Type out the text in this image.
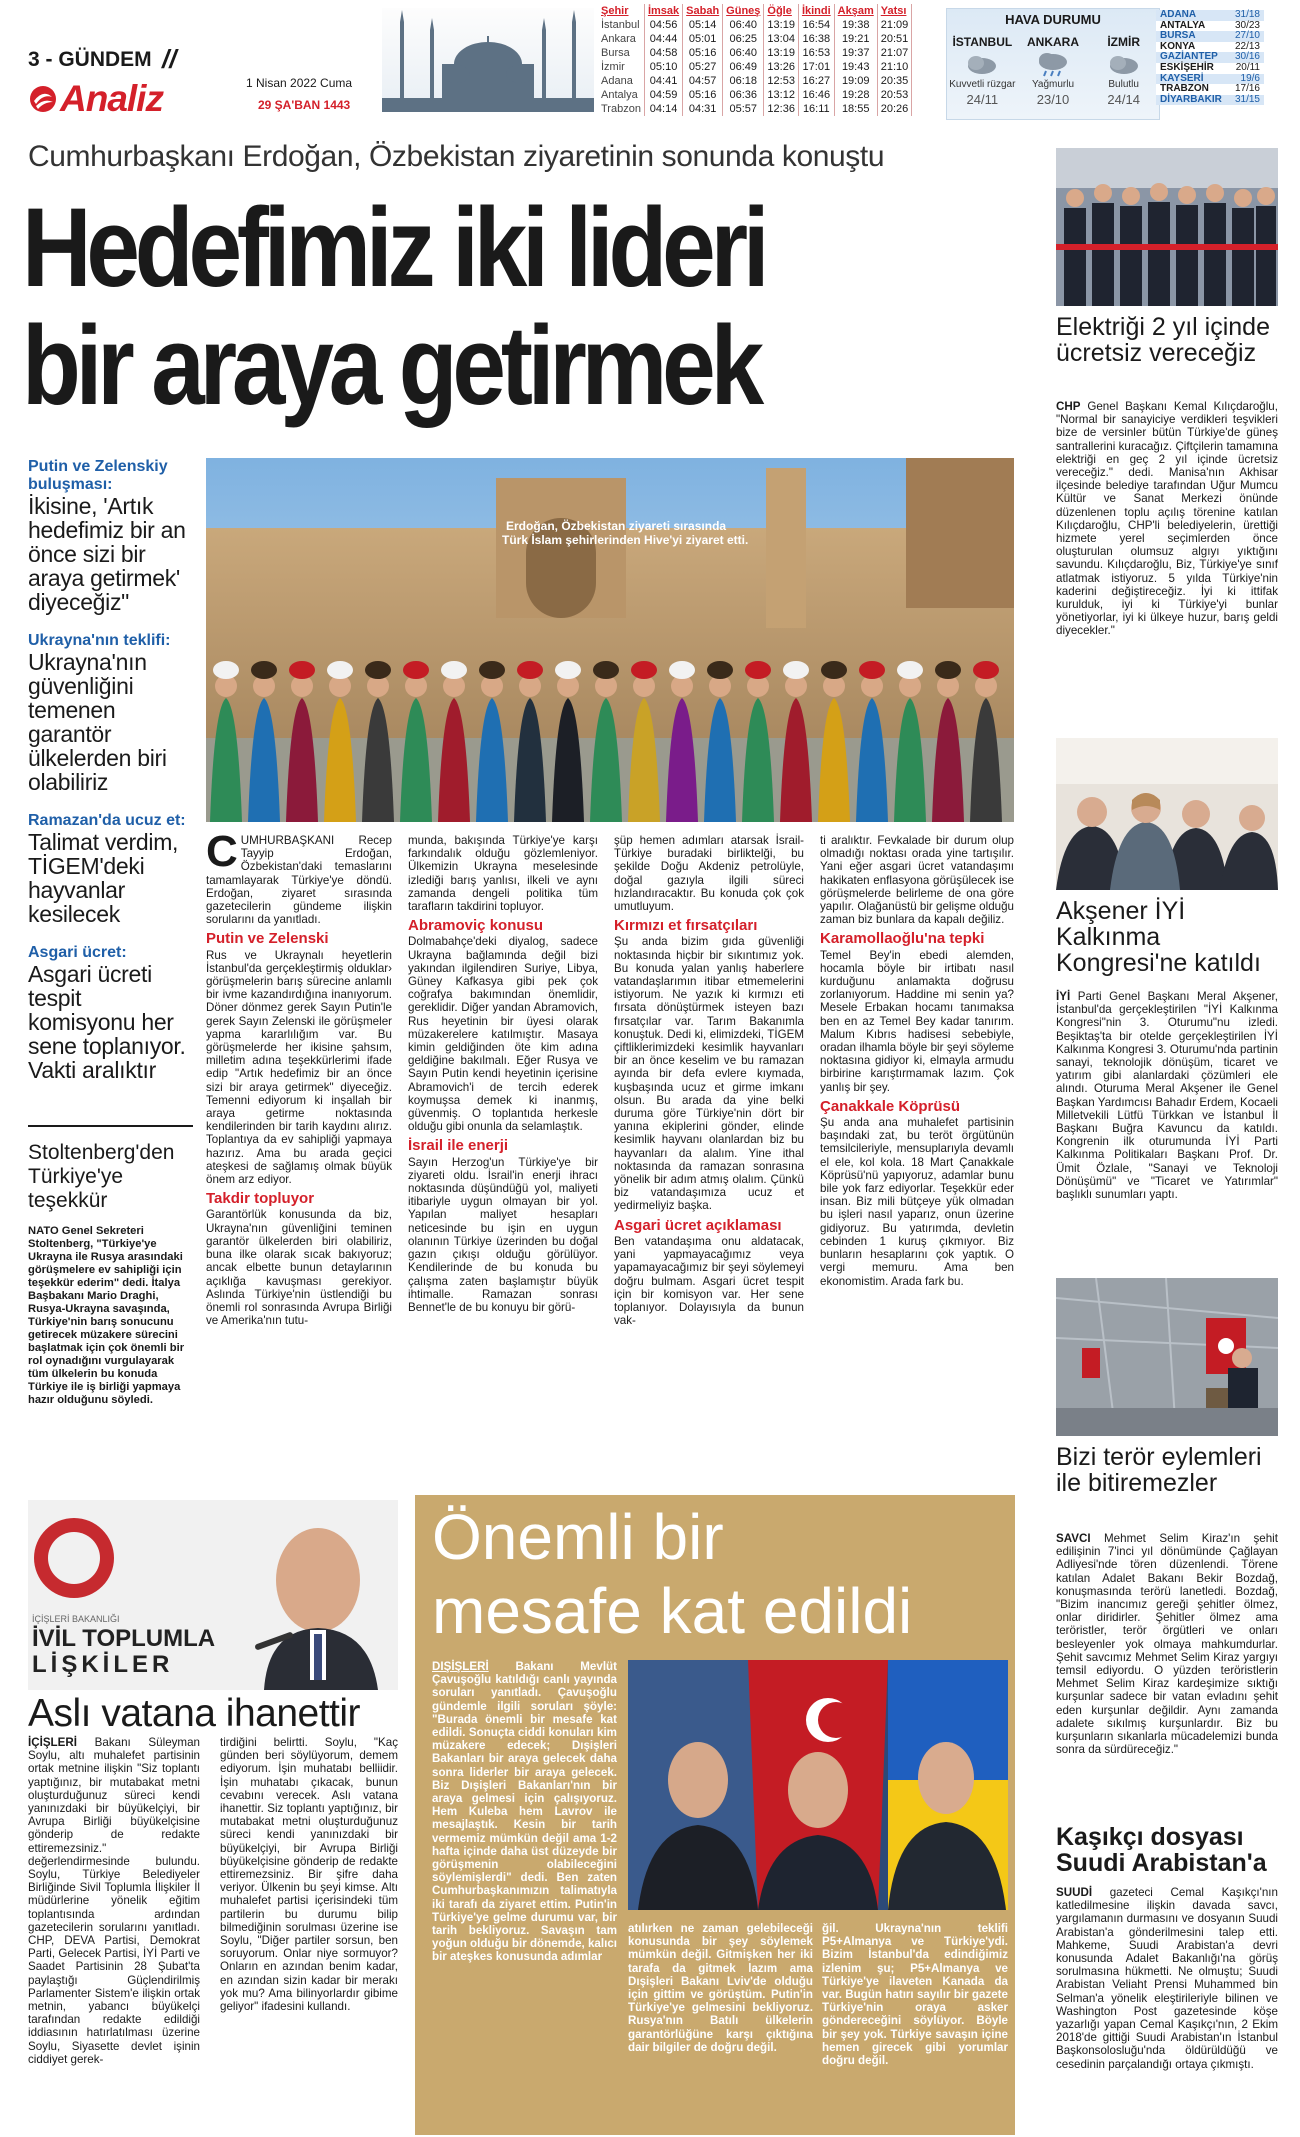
3 - GÜNDEM //
Analiz	1 Nisan 2022 Cuma
29 ŞA'BAN 1443
Şehir	İmsak	Sabah	Güneş	Öğle	İkindi	Akşam	Yatsı
İstanbul	04:56	05:14	06:40	13:19	16:54	19:38	21:09
Ankara	04:44	05:01	06:25	13:04	16:38	19:21	20:51
Bursa	04:58	05:16	06:40	13:19	16:53	19:37	21:07
İzmir	05:10	05:27	06:49	13:26	17:01	19:43	21:10
Adana	04:41	04:57	06:18	12:53	16:27	19:09	20:35
Antalya	04:59	05:16	06:36	13:12	16:46	19:28	20:53
Trabzon	04:14	04:31	05:57	12:36	16:11	18:55	20:26
HAVA DURUMU
İSTANBUL
Kuvvetli rüzgar
24/11
ANKARA
Yağmurlu
23/10
İZMİR
Bulutlu
24/14
ADANA	31/18
ANTALYA	30/23
BURSA	27/10
KONYA	22/13
GAZİANTEP 30/16
ESKİŞEHİR 20/11
KAYSERİ	19/6
TRABZON	17/16
DİYARBAKIR 31/15
Cumhurbaşkanı Erdoğan, Özbekistan ziyaretinin sonunda konuştu
Hedefimiz iki lideri
bir araya getirmek
Putin ve Zelenskiy buluşması:
İkisine, 'Artık hedefimiz bir an önce sizi bir araya getirmek' diyeceğiz"
Ukrayna'nın teklifi:
Ukrayna'nın güvenliğini temenen garantör ülkelerden biri olabiliriz
Ramazan'da ucuz et:
Talimat verdim, TİGEM'deki hayvanlar kesilecek
Asgari ücret:
Asgari ücreti tespit komisyonu her sene toplanıyor. Vakti aralıktır
Stoltenberg'den Türkiye'ye teşekkür
NATO Genel Sekreteri Stoltenberg, "Türkiye'ye Ukrayna ile Rusya arasındaki görüşmelere ev sahipliği için teşekkür ederim" dedi. İtalya Başbakanı Mario Draghi, Rusya-Ukrayna savaşında, Türkiye'nin barış sonucunu getirecek müzakere sürecini başlatmak için çok önemli bir rol oynadığını vurgulayarak tüm ülkelerin bu konuda Türkiye ile iş birliği yapmaya hazır olduğunu söyledi.
Erdoğan, Özbekistan ziyareti sırasında
Türk İslam şehirlerinden Hive'yi ziyaret etti.

CUMHURBAŞKANI Recep Tayyip Erdoğan, Özbekistan'daki temaslarını tamamlayarak Türkiye'ye döndü. Erdoğan, ziyaret sırasında gazetecilerin gündeme ilişkin sorularını da yanıtladı.

Putin ve Zelenski

Rus ve Ukraynalı heyetlerin İstanbul'da gerçekleştirmiş olduklar› görüşmelerin barış sürecine anlamlı bir ivme kazandırdığına inanıyorum. Döner dönmez gerek Sayın Putin'le gerek Sayın Zelenski ile görüşmeler yapma kararlılığım var. Bu görüşmelerde her ikisine şahsım, milletim adına teşekkürlerimi ifade edip "Artık hedefimiz bir an önce sizi bir araya getirmek" diyeceğiz. Temenni ediyorum ki inşallah bir araya getirme noktasında kendilerinden bir tarih kaydını alırız. Toplantıya da ev sahipliği yapmaya hazırız. Ama bu arada geçici ateşkesi de sağlamış olmak büyük önem arz ediyor.

Takdir topluyor

Garantörlük konusunda da biz, Ukrayna'nın güvenliğini teminen garantör ülkelerden biri olabiliriz, buna ilke olarak sıcak bakıyoruz; ancak elbette bunun detaylarının açıklığa kavuşması gerekiyor. Aslında Türkiye'nin üstlendiği bu önemli rol sonrasında Avrupa Birliği ve Amerika'nın tutu-

munda, bakışında Türkiye'ye karşı farkındalık olduğu gözlemleniyor. Ülkemizin Ukrayna meselesinde izlediği barış yanlısı, ilkeli ve aynı zamanda dengeli politika tüm tarafların takdirini topluyor.

Abramoviç konusu

Dolmabahçe'deki diyalog, sadece Ukrayna bağlamında değil bizi yakından ilgilendiren Suriye, Libya, Güney Kafkasya gibi pek çok coğrafya bakımından önemlidir, gereklidir. Diğer yandan Abramovich, Rus heyetinin bir üyesi olarak müzakerelere katılmıştır. Masaya kimin geldiğinden öte kim adına geldiğine bakılmalı. Eğer Rusya ve Sayın Putin kendi heyetinin içerisine Abramovich'i de tercih ederek koymuşsa demek ki inanmış, güvenmiş. O toplantıda herkesle olduğu gibi onunla da selamlaştık.

İsrail ile enerji

Sayın Herzog'un Türkiye'ye bir ziyareti oldu. İsrail'in enerji ihracı noktasında düşündüğü yol, maliyeti itibariyle uygun olmayan bir yol. Yapılan maliyet hesapları neticesinde bu işin en uygun olanının Türkiye üzerinden bu doğal gazın çıkışı olduğu görülüyor. Kendilerinde de bu konuda bu çalışma zaten başlamıştır büyük ihtimalle. Ramazan sonrası Bennet'le de bu konuyu bir görü-

şüp hemen adımları atarsak İsrail-Türkiye buradaki birliktelği, bu şekilde Doğu Akdeniz petrolüyle, doğal gazıyla ilgili süreci hızlandıracaktır. Bu konuda çok çok umutluyum.

Kırmızı et fırsatçıları

Şu anda bizim gıda güvenliği noktasında hiçbir bir sıkıntımız yok. Bu konuda yalan yanlış haberlere vatandaşlarımın itibar etmemelerini istiyorum. Ne yazık ki kırmızı eti fırsata dönüştürmek isteyen bazı fırsatçılar var. Tarım Bakanımla konuştuk. Dedi ki, elimizdeki, TİGEM çiftliklerimizdeki kesimlik hayvanları bir an önce keselim ve bu ramazan ayında bir defa evlere kıymada, kuşbaşında ucuz et girme imkanı olsun. Bu arada da yine belki duruma göre Türkiye'nin dört bir yanına ekiplerini gönder, elinde kesimlik hayvanı olanlardan biz bu hayvanları da alalım. Yine ithal noktasında da ramazan sonrasına yönelik bir adım atmış olalım. Çünkü biz vatandaşımıza ucuz et yedirmeliyiz başka.

Asgari ücret açıklaması

Ben vatandaşıma onu aldatacak, yani yapmayacağımız veya yapamayacağımız bir şeyi söylemeyi doğru bulmam. Asgari ücret tespit için bir komisyon var. Her sene toplanıyor. Dolayısıyla da bunun vak-

ti aralıktır. Fevkalade bir durum olup olmadığı noktası orada yine tartışılır. Yani eğer asgari ücret vatandaşımı hakikaten enflasyona görüşülecek ise görüşmelerde belirleme de ona göre yapılır. Olağanüstü bir gelişme olduğu zaman biz bunlara da kapalı değiliz.

Karamollaoğlu'na tepki

Temel Bey'in ebedi alemden, hocamla böyle bir irtibatı nasıl kurduğunu anlamakta doğrusu zorlanıyorum. Haddine mi senin ya? Mesele Erbakan hocamı tanımaksa ben en az Temel Bey kadar tanırım. Malum Kıbrıs hadisesi sebebiyle, oradan ilhamla böyle bir şeyi söyleme noktasına gidiyor ki, elmayla armudu birbirine karıştırmamak lazım. Çok yanlış bir şey.

Çanakkale Köprüsü

Şu anda ana muhalefet partisinin başındaki zat, bu teröt örgütünün temsilcileriyle, mensuplarıyla devamlı el ele, kol kola. 18 Mart Çanakkale Köprüsü'nü yapıyoruz, adamlar bunu bile yok farz ediyorlar. Teşekkür eder insan. Biz mili bütçeye yük olmadan bu işleri nasıl yaparız, onun üzerine gidiyoruz. Bu yatırımda, devletin cebinden 1 kuruş çıkmıyor. Biz bunların hesaplarını çok yaptık. O vergi memuru. Ama ben ekonomistim. Arada fark bu.

İÇİŞLERİ BAKANLIĞI
İVİL TOPLUMLA
LİŞKİLER
Aslı vatana ihanettir

İÇİŞLERİ Bakanı Süleyman Soylu, altı muhalefet partisinin ortak metnine ilişkin "Siz toplantı yaptığınız, bir mutabakat metni oluşturduğunuz süreci kendi yanınızdaki bir büyükelçiyi, bir Avrupa Birliği büyükelçisine gönderip de redakte ettiremezsiniz." değerlendirmesinde bulundu. Soylu, Türkiye Belediyeler Birliğinde Sivil Toplumla İlişkiler İl müdürlerine yönelik eğitim toplantısında ardından gazetecilerin sorularını yanıtladı. CHP, DEVA Partisi, Demokrat Parti, Gelecek Partisi, İYİ Parti ve Saadet Partisinin 28 Şubat'ta paylaştığı Güçlendirilmiş Parlamenter Sistem'e ilişkin ortak metnin, yabancı büyükelçi tarafından redakte edildiği iddiasının hatırlatılması üzerine Soylu, Siyasette devlet işinin ciddiyet gerek-

tirdiğini belirtti. Soylu, "Kaç günden beri söylüyorum, demem ediyorum. İşin muhatabı belliidir. İşin muhatabı çıkacak, bunun cevabını verecek. Aslı vatana ihanettir. Siz toplantı yaptığınız, bir mutabakat metni oluşturduğunuz süreci kendi yanınızdaki bir büyükelçiyi, bir Avrupa Birliği büyükelçisine gönderip de redakte ettiremezsiniz. Bir şifre daha veriyor. Ülkenin bu şeyi kimse. Altı muhalefet partisi içerisindeki tüm partilerin bu durumu bilip bilmediğinin sorulması üzerine ise Soylu, "Diğer partiler sorsun, ben soruyorum. Onlar niye sormuyor? Onların en azından benim kadar, en azından sizin kadar bir merakı yok mu? Ama bilinyorlardır gibime geliyor" ifadesini kullandı.

Önemli bir
mesafe kat edildi

DIŞİŞLERİ Bakanı Mevlüt Çavuşoğlu katıldığı canlı yayında soruları yanıtladı. Çavuşoğlu gündemle ilgili soruları şöyle: "Burada önemli bir mesafe kat edildi. Sonuçta ciddi konuları kim müzakere edecek; Dışişleri Bakanları bir araya gelecek daha sonra liderler bir araya gelecek. Biz Dışişleri Bakanları'nın bir araya gelmesi için çalışıyoruz. Hem Kuleba hem Lavrov ile mesajlaştık. Kesin bir tarih vermemiz mümkün değil ama 1-2 hafta içinde daha üst düzeyde bir görüşmenin olabileceğini söylemişlerdi" dedi. Ben zaten Cumhurbaşkanımızın talimatıyla iki tarafı da ziyaret ettim. Putin'in Türkiye'ye gelme durumu var, bir tarih bekliyoruz. Savaşın tam yoğun olduğu bir dönemde, kalıcı bir ateşkes konusunda adımlar

atılırken ne zaman gelebileceği konusunda bir şey söylemek mümkün değil. Gitmişken her iki tarafa da gitmek lazım ama Dışişleri Bakanı Lviv'de olduğu için gittim ve görüştüm. Putin'in Türkiye'ye gelmesini bekliyoruz. Rusya'nın Batılı ülkelerin garantörlüğüne karşı çıktığına dair bilgiler de doğru değil.

ğil. Ukrayna'nın teklifi P5+Almanya ve Türkiye'ydi. Bizim İstanbul'da edindiğimiz izlenim şu; P5+Almanya ve Türkiye'ye ilaveten Kanada da var. Bugün hatırı sayılır bir gazete Türkiye'nin oraya asker göndereceğini söylüyor. Böyle bir şey yok. Türkiye savaşın içine hemen girecek gibi yorumlar doğru değil.

Elektriği 2 yıl içinde ücretsiz vereceğiz

CHP Genel Başkanı Kemal Kılıçdaroğlu, "Normal bir sanayiciye verdikleri teşvikleri bize de versinler bütün Türkiye'de güneş santrallerini kuracağız. Çiftçilerin tamamına elektriği en geç 2 yıl içinde ücretsiz vereceğiz." dedi. Manisa'nın Akhisar ilçesinde belediye tarafından Uğur Mumcu Kültür ve Sanat Merkezi önünde düzenlenen toplu açılış törenine katılan Kılıçdaroğlu, CHP'li belediyelerin, ürettiği hizmete yerel seçimlerden önce oluşturulan olumsuz algıyı yıktığını savundu. Kılıçdaroğlu, Biz, Türkiye'ye sınıf atlatmak istiyoruz. 5 yılda Türkiye'nin kaderini değiştireceğiz. İyi ki ittifak kurulduk, iyi ki Türkiye'yi bunlar yönetiyorlar, iyi ki ülkeye huzur, barış geldi diyecekler."

Akşener İYİ Kalkınma Kongresi'ne katıldı

İYİ Parti Genel Başkanı Meral Akşener, İstanbul'da gerçekleştirilen "İYİ Kalkınma Kongresi"nin 3. Oturumu"nu izledi. Beşiktaş'ta bir otelde gerçekleştirilen İYİ Kalkınma Kongresi 3. Oturumu'nda partinin sanayi, teknolojik dönüşüm, ticaret ve yatırım gibi alanlardaki çözümleri ele alındı. Oturuma Meral Akşener ile Genel Başkan Yardımcısı Bahadır Erdem, Kocaeli Milletvekili Lütfü Türkkan ve İstanbul İl Başkanı Buğra Kavuncu da katıldı. Kongrenin ilk oturumunda İYİ Parti Kalkınma Politikaları Başkanı Prof. Dr. Ümit Özlale, "Sanayi ve Teknoloji Dönüşümü" ve "Ticaret ve Yatırımlar" başlıklı sunumları yaptı.

Bizi terör eylemleri ile bitiremezler

SAVCI Mehmet Selim Kiraz'ın şehit edilişinin 7'inci yıl dönümünde Çağlayan Adliyesi'nde tören düzenlendi. Törene katılan Adalet Bakanı Bekir Bozdağ, konuşmasında terörü lanetledi. Bozdağ, "Bizim inancımız gereği şehitler ölmez, onlar diridirler. Şehitler ölmez ama teröristler, terör örgütleri ve onları besleyenler yok olmaya mahkumdurlar. Şehit savcımız Mehmet Selim Kiraz yargıyı temsil ediyordu. O yüzden teröristlerin Mehmet Selim Kiraz kardeşimize sıktığı kurşunlar sadece bir vatan evladını şehit eden kurşunlar değildir. Aynı zamanda adalete sıkılmış kurşunlardır. Biz bu kurşunların sıkanlarla mücadelemizi bunda sonra da sürdüreceğiz."

Kaşıkçı dosyası Suudi Arabistan'a

SUUDİ gazeteci Cemal Kaşıkçı'nın katledilmesine ilişkin davada savcı, yargılamanın durmasını ve dosyanın Suudi Arabistan'a gönderilmesini talep etti. Mahkeme, Suudi Arabistan'a devri konusunda Adalet Bakanlığı'na görüş sorulmasına hükmetti. Ne olmuştu; Suudi Arabistan Veliaht Prensi Muhammed bin Selman'a yönelik eleştirileriyle bilinen ve Washington Post gazetesinde köşe yazarlığı yapan Cemal Kaşıkçı'nın, 2 Ekim 2018'de gittiği Suudi Arabistan'ın İstanbul Başkonsolosluğu'nda öldürüldüğü ve cesedinin parçalandığı ortaya çıkmıştı.
